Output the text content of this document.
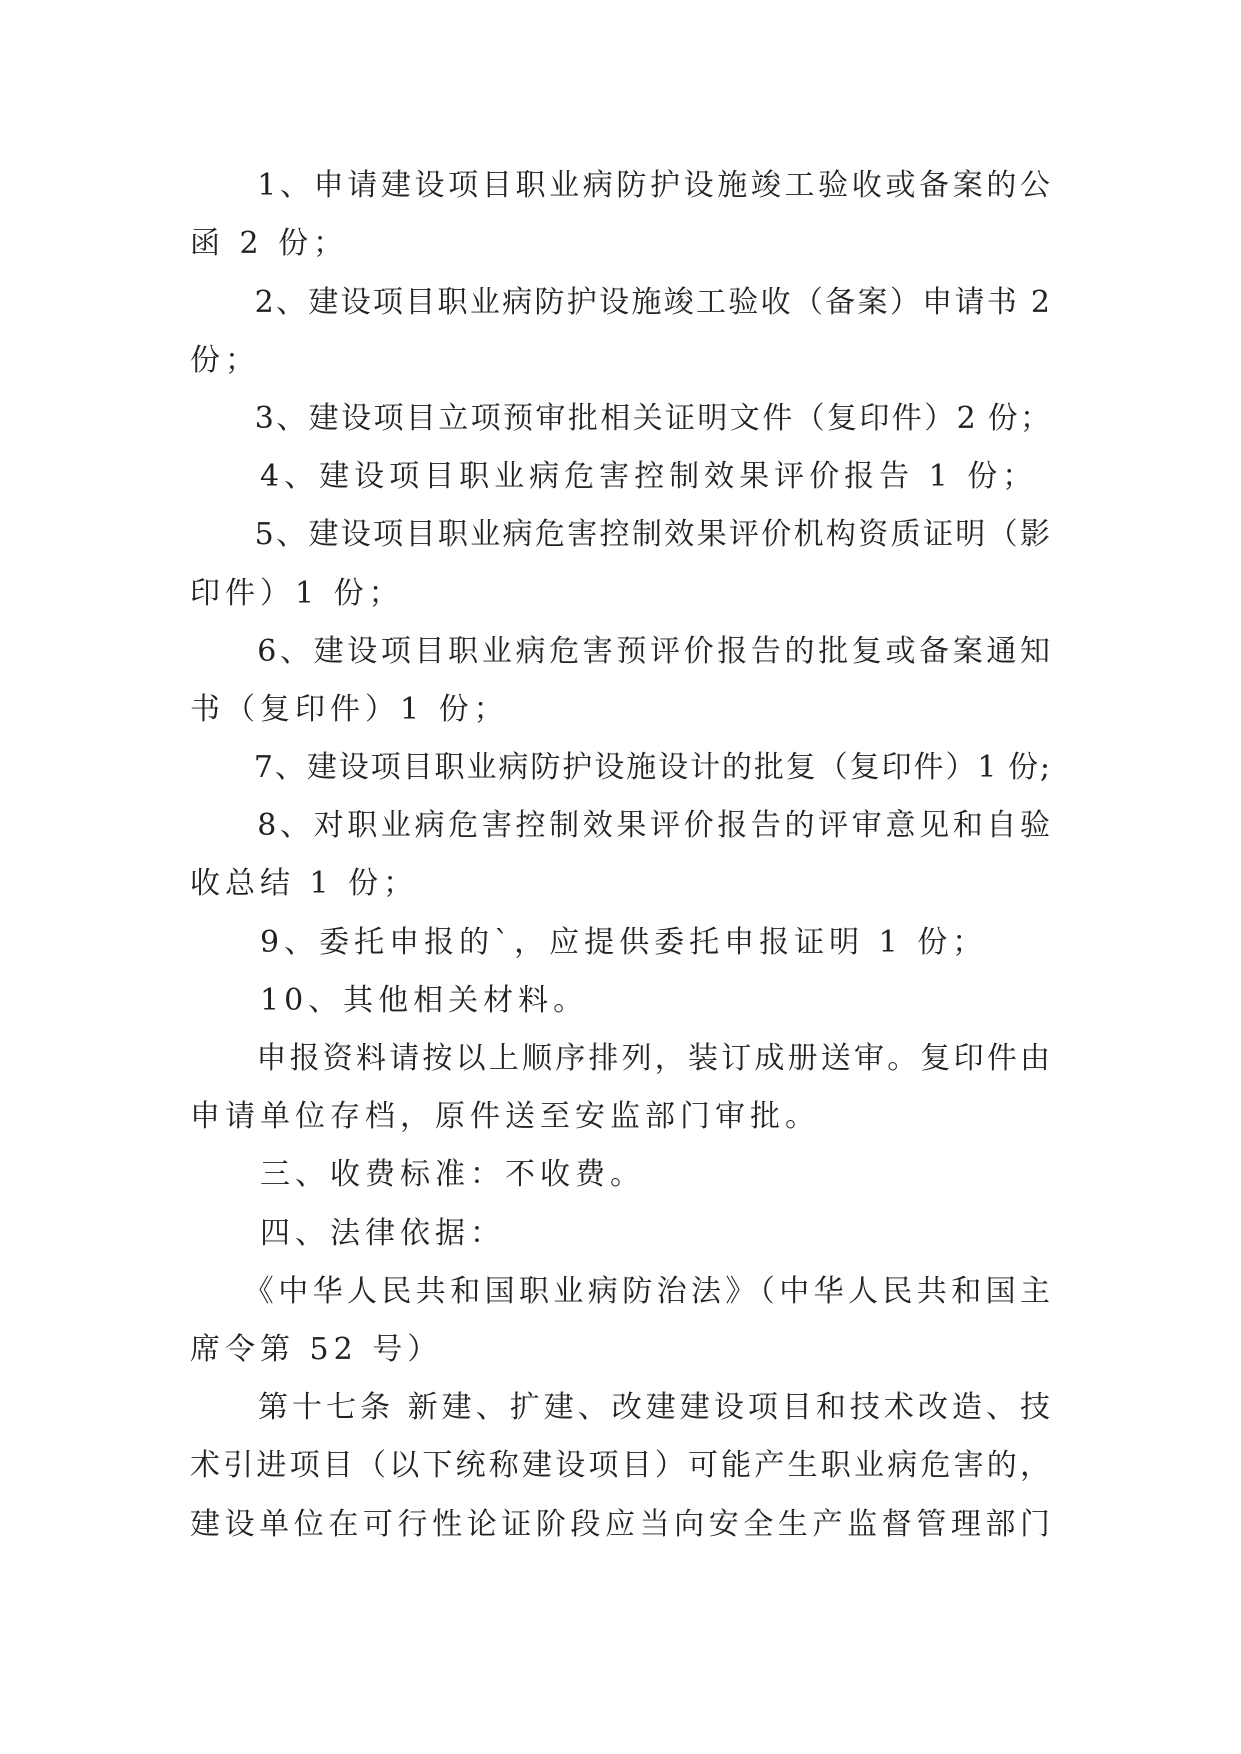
　　1、申请建设项目职业病防护设施竣工验收或备案的公
函 2 份；
　　2、建设项目职业病防护设施竣工验收（备案）申请书 2
份；
　　3、建设项目立项预审批相关证明文件（复印件）2 份；
　　4、建设项目职业病危害控制效果评价报告 1 份；
　　5、建设项目职业病危害控制效果评价机构资质证明（影
印件）1 份；
　　6、建设项目职业病危害预评价报告的批复或备案通知
书（复印件）1 份；
　　7、建设项目职业病防护设施设计的批复（复印件）1 份;
　　8、对职业病危害控制效果评价报告的评审意见和自验
收总结 1 份；
　　9、委托申报的`，应提供委托申报证明 1 份；
　　10、其他相关材料。
　　申报资料请按以上顺序排列，装订成册送审。复印件由
申请单位存档，原件送至安监部门审批。
　　三、收费标准：不收费。
　　四、法律依据：
　　《中华人民共和国职业病防治法》（中华人民共和国主
席令第 52 号）
　　第十七条 新建、扩建、改建建设项目和技术改造、技
术引进项目（以下统称建设项目）可能产生职业病危害的，
建设单位在可行性论证阶段应当向安全生产监督管理部门
